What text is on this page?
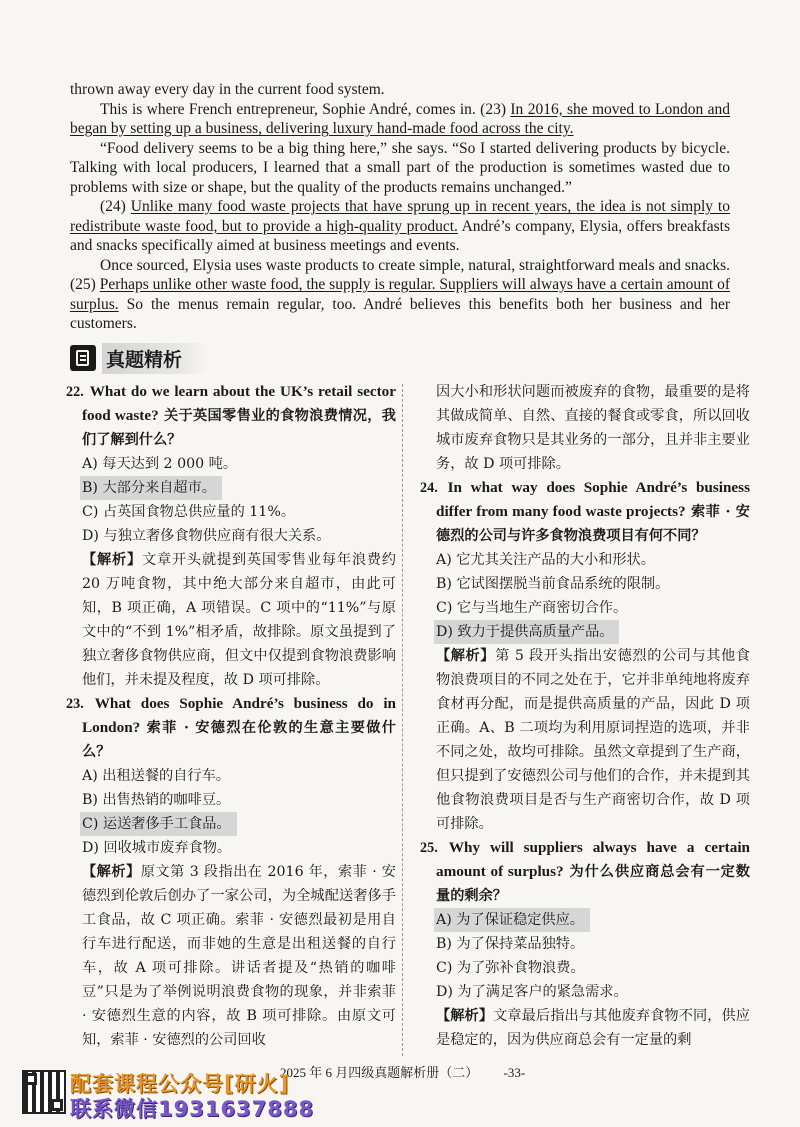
thrown away every day in the current food system.

This is where French entrepreneur, Sophie André, comes in. (23) In 2016, she moved to London and began by setting up a business, delivering luxury hand-made food across the city.

“Food delivery seems to be a big thing here,” she says. “So I started delivering products by bicycle. Talking with local producers, I learned that a small part of the production is sometimes wasted due to problems with size or shape, but the quality of the products remains unchanged.”

(24) Unlike many food waste projects that have sprung up in recent years, the idea is not simply to redistribute waste food, but to provide a high-quality product. André’s company, Elysia, offers breakfasts and snacks specifically aimed at business meetings and events.

Once sourced, Elysia uses waste products to create simple, natural, straightforward meals and snacks. (25) Perhaps unlike other waste food, the supply is regular. Suppliers will always have a certain amount of surplus. So the menus remain regular, too. André believes this benefits both her business and her customers.

真题精析

22. What do we learn about the UK’s retail sector food waste? 关于英国零售业的食物浪费情况，我们了解到什么？

A) 每天达到 2 000 吨。

B) 大部分来自超市。

C) 占英国食物总供应量的 11%。

D) 与独立奢侈食物供应商有很大关系。

【解析】文章开头就提到英国零售业每年浪费约 20 万吨食物，其中绝大部分来自超市，由此可知，B 项正确，A 项错误。C 项中的“11%”与原文中的“不到 1%”相矛盾，故排除。原文虽提到了独立奢侈食物供应商，但文中仅提到食物浪费影响他们，并未提及程度，故 D 项可排除。

23. What does Sophie André’s business do in London? 索菲 · 安德烈在伦敦的生意主要做什么？

A) 出租送餐的自行车。

B) 出售热销的咖啡豆。

C) 运送奢侈手工食品。

D) 回收城市废弃食物。

【解析】原文第 3 段指出在 2016 年，索菲 · 安德烈到伦敦后创办了一家公司，为全城配送奢侈手工食品，故 C 项正确。索菲 · 安德烈最初是用自行车进行配送，而非她的生意是出租送餐的自行车，故 A 项可排除。讲话者提及“热销的咖啡豆”只是为了举例说明浪费食物的现象，并非索菲 · 安德烈生意的内容，故 B 项可排除。由原文可知，索菲 · 安德烈的公司回收

因大小和形状问题而被废弃的食物，最重要的是将其做成简单、自然、直接的餐食或零食，所以回收城市废弃食物只是其业务的一部分，且并非主要业务，故 D 项可排除。

24. In what way does Sophie André’s business differ from many food waste projects? 索菲 · 安德烈的公司与许多食物浪费项目有何不同？

A) 它尤其关注产品的大小和形状。

B) 它试图摆脱当前食品系统的限制。

C) 它与当地生产商密切合作。

D) 致力于提供高质量产品。

【解析】第 5 段开头指出安德烈的公司与其他食物浪费项目的不同之处在于，它并非单纯地将废弃食材再分配，而是提供高质量的产品，因此 D 项正确。A、B 二项均为利用原词捏造的选项，并非不同之处，故均可排除。虽然文章提到了生产商，但只提到了安德烈公司与他们的合作，并未提到其他食物浪费项目是否与生产商密切合作，故 D 项可排除。

25. Why will suppliers always have a certain amount of surplus? 为什么供应商总会有一定数量的剩余？

A) 为了保证稳定供应。

B) 为了保持菜品独特。

C) 为了弥补食物浪费。

D) 为了满足客户的紧急需求。

【解析】文章最后指出与其他废弃食物不同，供应是稳定的，因为供应商总会有一定量的剩

2025 年 6 月四级真题解析册（二） -33-
配套课程公众号[研火]
联系微信1931637888
